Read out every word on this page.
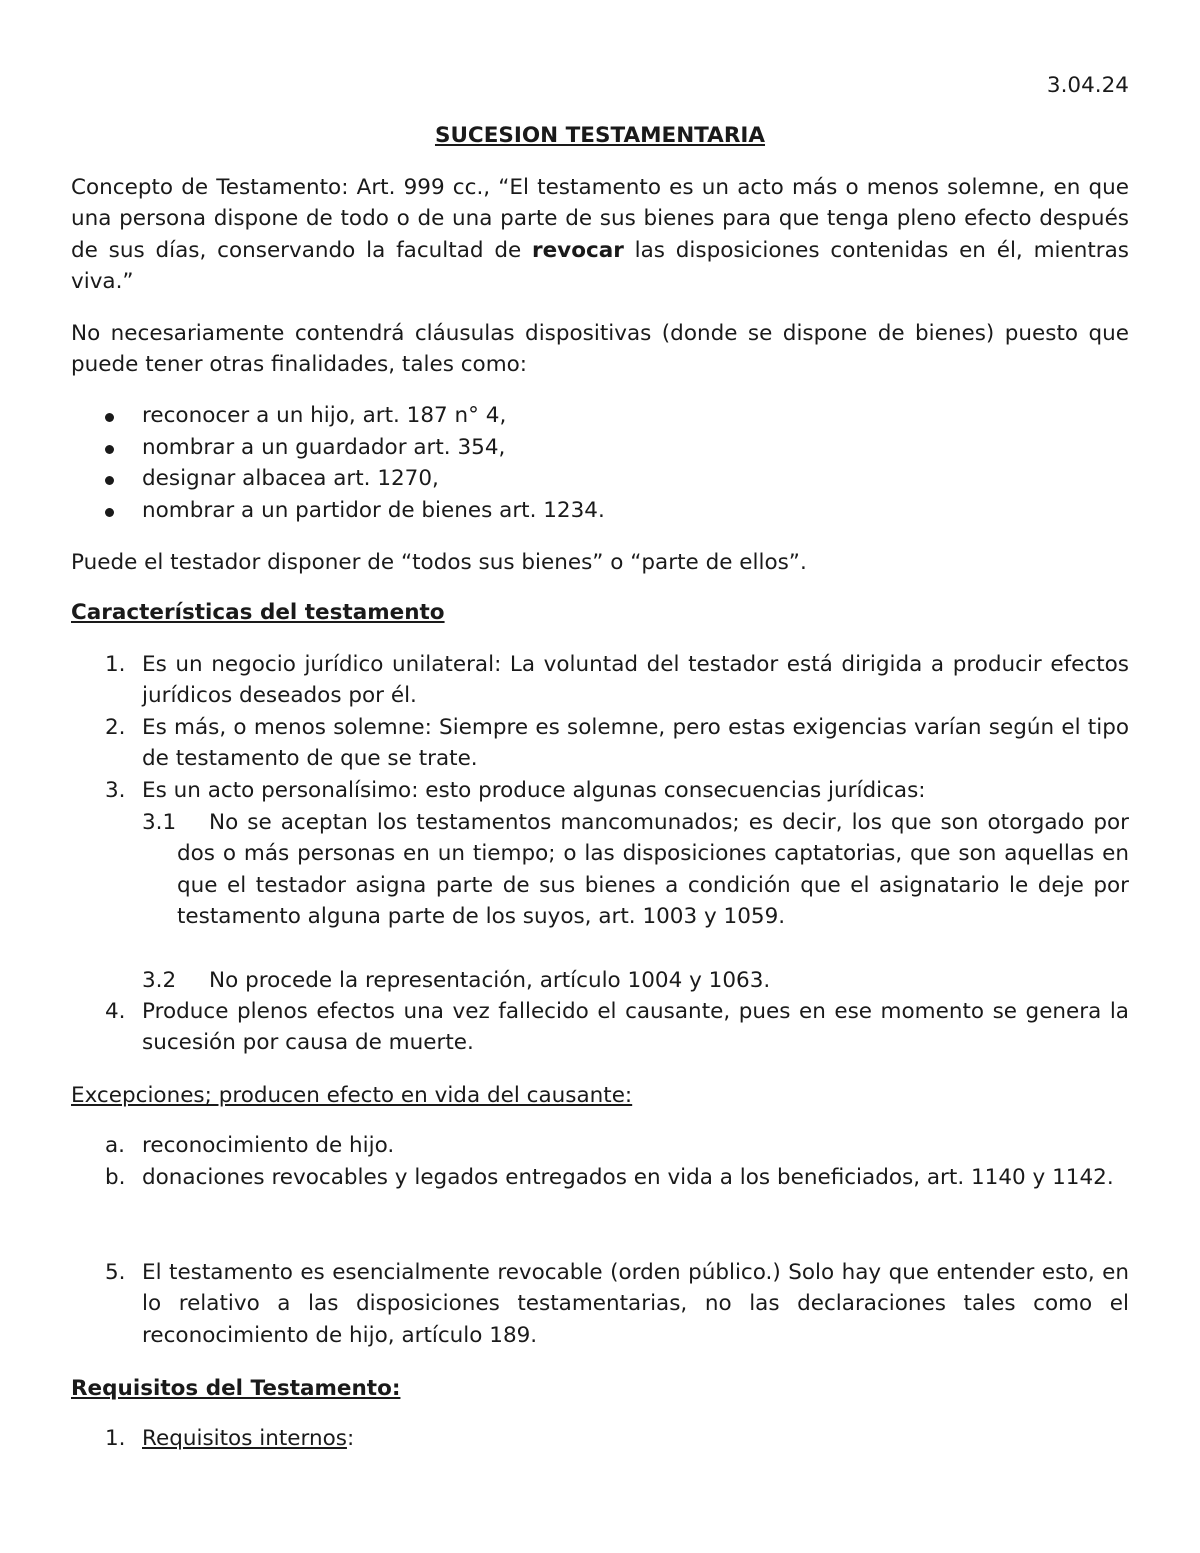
3.04.24
SUCESION TESTAMENTARIA
Concepto de Testamento: Art. 999 cc., “El testamento es un acto más o menos solemne, en que una persona dispone de todo o de una parte de sus bienes para que tenga pleno efecto después de sus días, conservando la facultad de revocar las disposiciones contenidas en él, mientras viva.”
No necesariamente contendrá cláusulas dispositivas (donde se dispone de bienes) puesto que puede tener otras finalidades, tales como:
reconocer a un hijo, art. 187 n° 4,
nombrar a un guardador art. 354,
designar albacea art. 1270,
nombrar a un partidor de bienes art. 1234.
Puede el testador disponer de “todos sus bienes” o “parte de ellos”.
Características del testamento
1. Es un negocio jurídico unilateral: La voluntad del testador está dirigida a producir efectos jurídicos deseados por él.
2. Es más, o menos solemne: Siempre es solemne, pero estas exigencias varían según el tipo de testamento de que se trate.
3. Es un acto personalísimo: esto produce algunas consecuencias jurídicas:
3.1 No se aceptan los testamentos mancomunados; es decir, los que son otorgado por dos o más personas en un tiempo; o las disposiciones captatorias, que son aquellas en que el testador asigna parte de sus bienes a condición que el asignatario le deje por testamento alguna parte de los suyos, art. 1003 y 1059.
3.2 No procede la representación, artículo 1004 y 1063.
4. Produce plenos efectos una vez fallecido el causante, pues en ese momento se genera la sucesión por causa de muerte.
Excepciones; producen efecto en vida del causante:
a. reconocimiento de hijo.
b. donaciones revocables y legados entregados en vida a los beneficiados, art. 1140 y 1142.
5. El testamento es esencialmente revocable (orden público.) Solo hay que entender esto, en lo relativo a las disposiciones testamentarias, no las declaraciones tales como el reconocimiento de hijo, artículo 189.
Requisitos del Testamento:
1. Requisitos internos:
